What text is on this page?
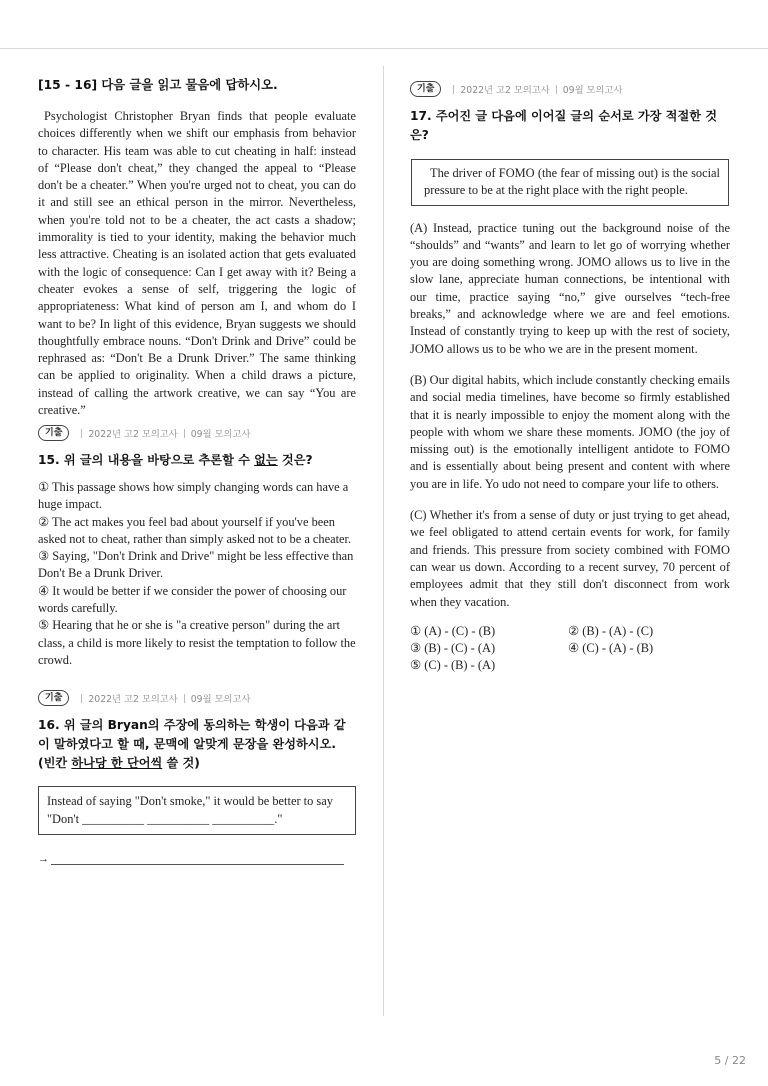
[15 - 16] 다음 글을 읽고 물음에 답하시오.

Psychologist Christopher Bryan finds that people evaluate choices differently when we shift our emphasis from behavior to character. His team was able to cut cheating in half: instead of “Please don't cheat,” they changed the appeal to “Please don't be a cheater.” When you're urged not to cheat, you can do it and still see an ethical person in the mirror. Nevertheless, when you're told not to be a cheater, the act casts a shadow; immorality is tied to your identity, making the behavior much less attractive. Cheating is an isolated action that gets evaluated with the logic of consequence: Can I get away with it? Being a cheater evokes a sense of self, triggering the logic of appropriateness: What kind of person am I, and whom do I want to be? In light of this evidence, Bryan suggests we should thoughtfully embrace nouns. “Don't Drink and Drive” could be rephrased as: “Don't Be a Drunk Driver.” The same thinking can be applied to originality. When a child draws a picture, instead of calling the artwork creative, we can say “You are creative.”

기출	2022년 고2 모의고사 09월 모의고사
15. 위 글의 내용을 바탕으로 추론할 수 없는 것은?
① This passage shows how simply changing words can have a huge impact.
② The act makes you feel bad about yourself if you've been asked not to cheat, rather than simply asked not to be a cheater.
③ Saying, "Don't Drink and Drive" might be less effective than Don't Be a Drunk Driver.
④ It would be better if we consider the power of choosing our words carefully.
⑤ Hearing that he or she is "a creative person" during the art class, a child is more likely to resist the temptation to follow the crowd.
기출	2022년 고2 모의고사 09월 모의고사
16. 위 글의 Bryan의 주장에 동의하는 학생이 다음과 같이 말하였다고 할 때, 문맥에 알맞게 문장을 완성하시오. (빈칸 하나당 한 단어씩 쓸 것)
Instead of saying "Don't smoke," it would be better to say
"Don't __________ __________ __________."
→
기출	2022년 고2 모의고사 09월 모의고사
17. 주어진 글 다음에 이어질 글의 순서로 가장 적절한 것은?

The driver of FOMO (the fear of missing out) is the social pressure to be at the right place with the right people.

(A) Instead, practice tuning out the background noise of the “shoulds” and “wants” and learn to let go of worrying whether you are doing something wrong. JOMO allows us to live in the slow lane, appreciate human connections, be intentional with our time, practice saying “no,” give ourselves “tech-free breaks,” and acknowledge where we are and feel emotions. Instead of constantly trying to keep up with the rest of society, JOMO allows us to be who we are in the present moment.
(B) Our digital habits, which include constantly checking emails and social media timelines, have become so firmly established that it is nearly impossible to enjoy the moment along with the people with whom we share these moments. JOMO (the joy of missing out) is the emotionally intelligent antidote to FOMO and is essentially about being present and content with where you are in life. Yo udo not need to compare your life to others.
(C) Whether it's from a sense of duty or just trying to get ahead, we feel obligated to attend certain events for work, for family and friends. This pressure from society combined with FOMO can wear us down. According to a recent survey, 70 percent of employees admit that they still don't disconnect from work when they vacation.
① (A) - (C) - (B)	② (B) - (A) - (C)
③ (B) - (C) - (A)	④ (C) - (A) - (B)
⑤ (C) - (B) - (A)
5 / 22
